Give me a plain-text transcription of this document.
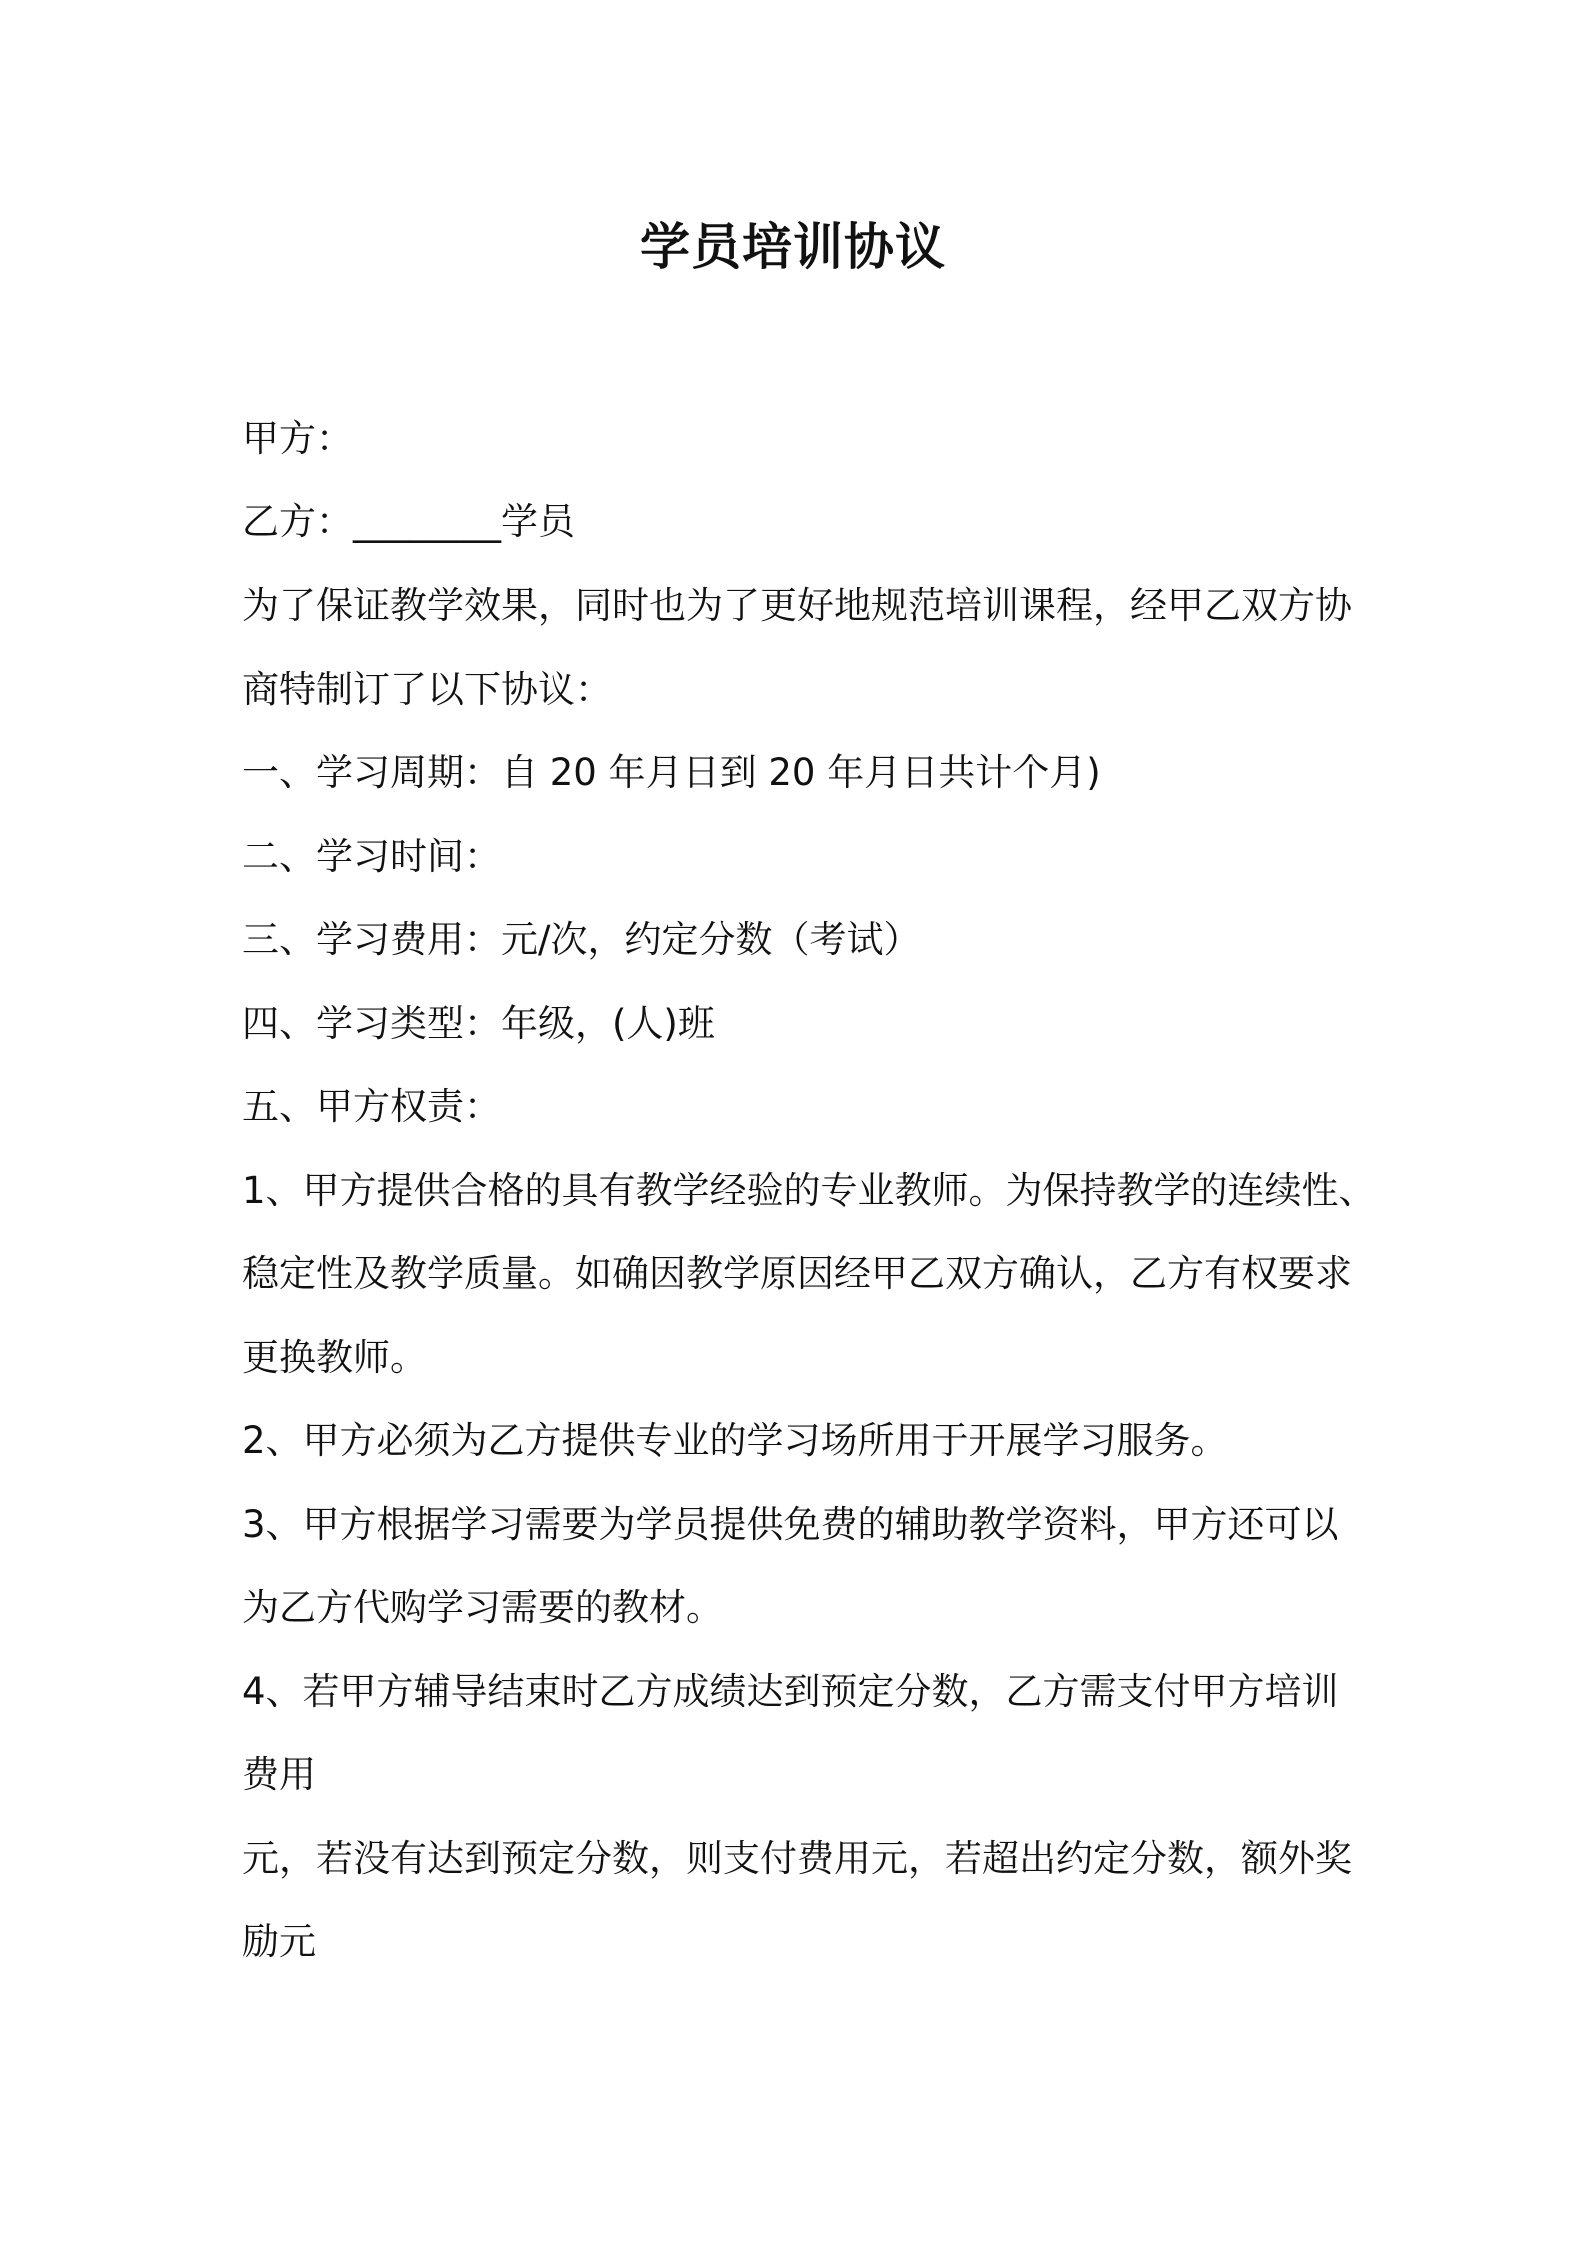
学员培训协议

甲方：

乙方：________学员

为了保证教学效果，同时也为了更好地规范培训课程，经甲乙双方协

商特制订了以下协议：

一、学习周期：自 20 年月日到 20 年月日共计个月)

二、学习时间：

三、学习费用：元/次，约定分数（考试）

四、学习类型：年级，(人)班

五、甲方权责：

1、甲方提供合格的具有教学经验的专业教师。为保持教学的连续性、

稳定性及教学质量。如确因教学原因经甲乙双方确认，乙方有权要求

更换教师。

2、甲方必须为乙方提供专业的学习场所用于开展学习服务。

3、甲方根据学习需要为学员提供免费的辅助教学资料，甲方还可以

为乙方代购学习需要的教材。

4、若甲方辅导结束时乙方成绩达到预定分数，乙方需支付甲方培训

费用

元，若没有达到预定分数，则支付费用元，若超出约定分数，额外奖

励元
